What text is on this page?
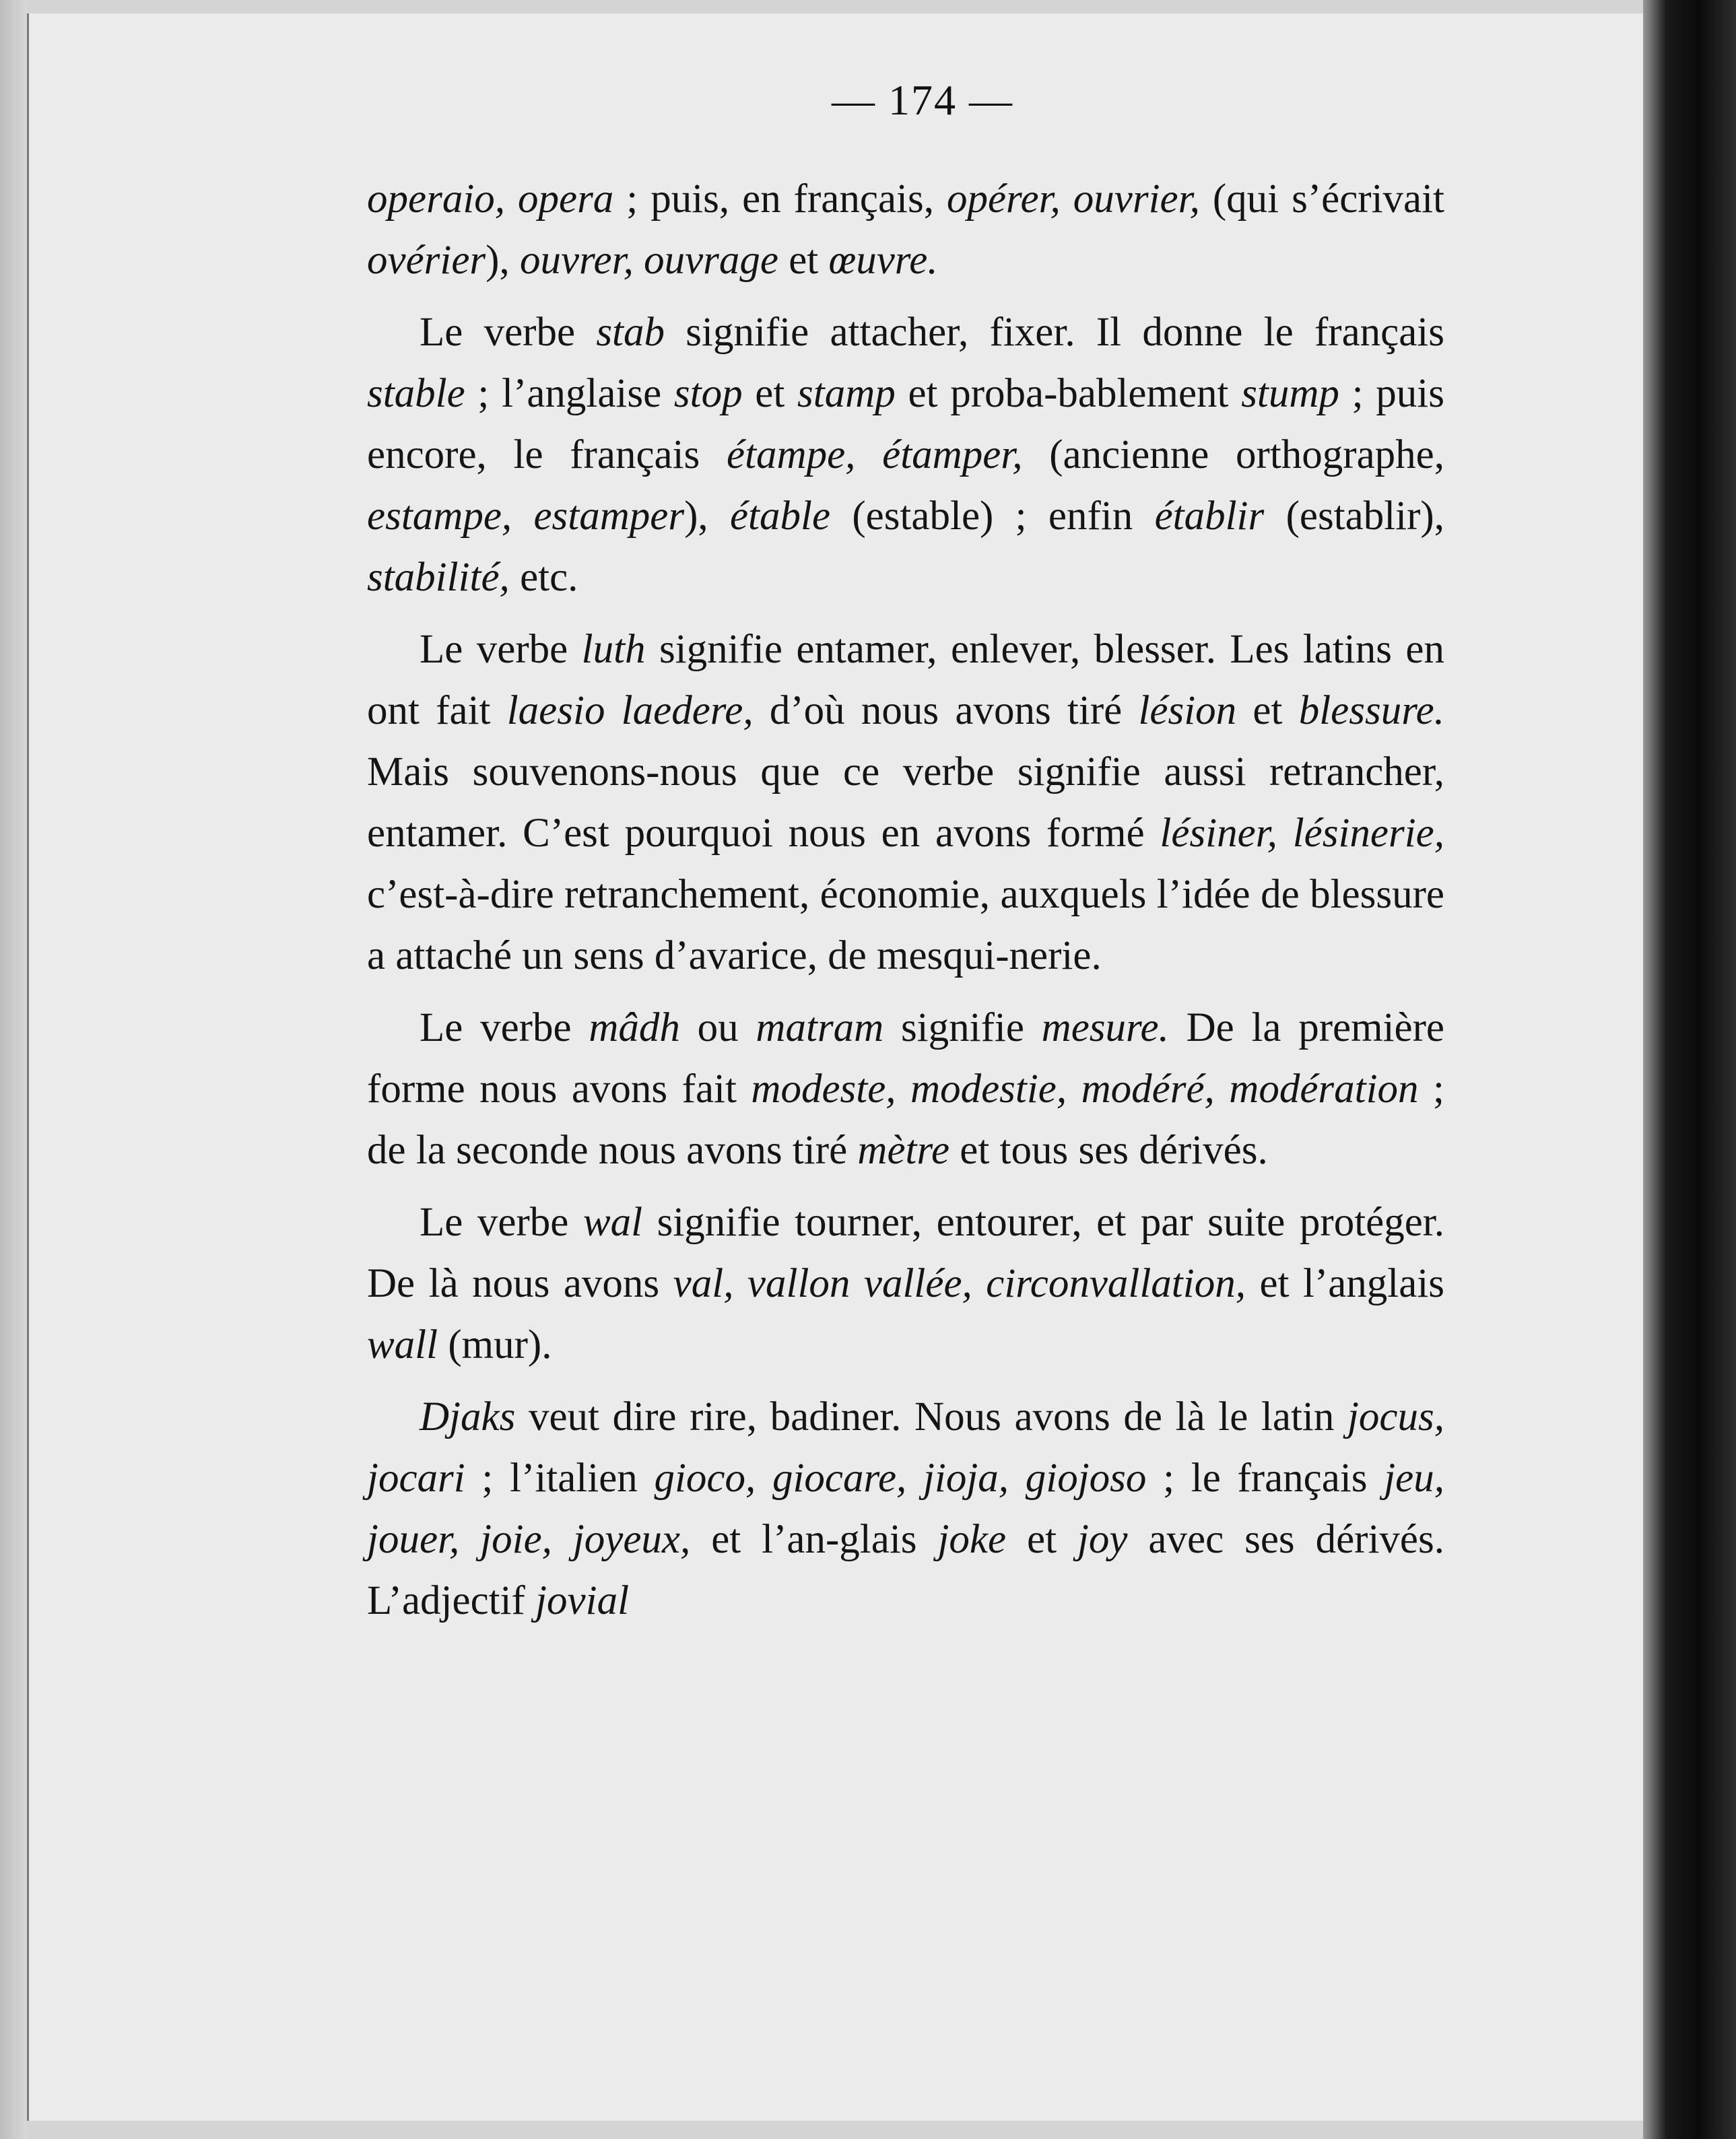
— 174 —

operaio, opera ; puis, en français, opérer, ouvrier, (qui s’écrivait ovérier), ouvrer, ouvrage et œuvre.

Le verbe stab signifie attacher, fixer. Il donne le français stable ; l’anglaise stop et stamp et proba-bablement stump ; puis encore, le français étampe, étamper, (ancienne orthographe, estampe, estamper), étable (estable) ; enfin établir (establir), stabilité, etc.

Le verbe luth signifie entamer, enlever, blesser. Les latins en ont fait laesio laedere, d’où nous avons tiré lésion et blessure. Mais souvenons-nous que ce verbe signifie aussi retrancher, entamer. C’est pourquoi nous en avons formé lésiner, lésinerie, c’est-à-dire retranchement, économie, auxquels l’idée de blessure a attaché un sens d’avarice, de mesqui-nerie.

Le verbe mâdh ou matram signifie mesure. De la première forme nous avons fait modeste, modestie, modéré, modération ; de la seconde nous avons tiré mètre et tous ses dérivés.

Le verbe wal signifie tourner, entourer, et par suite protéger. De là nous avons val, vallon vallée, circonvallation, et l’anglais wall (mur).

Djaks veut dire rire, badiner. Nous avons de là le latin jocus, jocari ; l’italien gioco, giocare, jioja, giojoso ; le français jeu, jouer, joie, joyeux, et l’an-glais joke et joy avec ses dérivés. L’adjectif jovial
